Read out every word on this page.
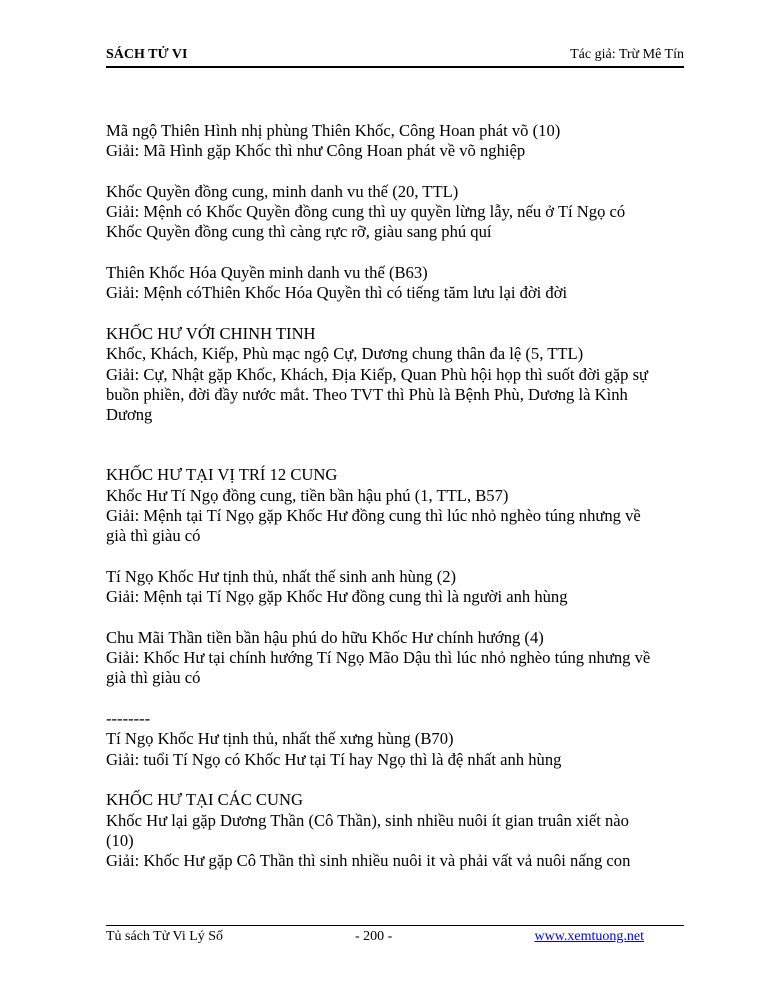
SÁCH TỬ VI	Tác giả: Trừ Mê Tín

Mã ngộ Thiên Hình nhị phùng Thiên Khốc, Công Hoan phát võ (10)

Giải: Mã Hình gặp Khốc thì như Công Hoan phát về võ nghiệp

Khốc Quyền đồng cung, minh danh vu thế (20, TTL)

Giải: Mệnh có Khốc Quyền đồng cung thì uy quyền lừng lẫy, nếu ở Tí Ngọ có

Khốc Quyền đồng cung thì càng rực rỡ, giàu sang phú quí

Thiên Khốc Hóa Quyền minh danh vu thế (B63)

Giải: Mệnh cóThiên Khốc Hóa Quyền thì có tiếng tăm lưu lại đời đời

KHỐC HƯ VỚI CHINH TINH

Khốc, Khách, Kiếp, Phù mạc ngộ Cự, Dương chung thân đa lệ (5, TTL)

Giải: Cự, Nhật gặp Khốc, Khách, Địa Kiếp, Quan Phù hội họp thì suốt đời gặp sự

buồn phiền, đời đầy nước mắt. Theo TVT thì Phù là Bệnh Phù, Dương là Kình

Dương

KHỐC HƯ TẠI VỊ TRÍ 12 CUNG

Khốc Hư Tí Ngọ đồng cung, tiền bần hậu phú (1, TTL, B57)

Giải: Mệnh tại Tí Ngọ gặp Khốc Hư đồng cung thì lúc nhỏ nghèo túng nhưng về

già thì giàu có

Tí Ngọ Khốc Hư tịnh thủ, nhất thế sinh anh hùng (2)

Giải: Mệnh tại Tí Ngọ gặp Khốc Hư đồng cung thì là người anh hùng

Chu Mãi Thần tiền bần hậu phú do hữu Khốc Hư chính hướng (4)

Giải: Khốc Hư tại chính hướng Tí Ngọ Mão Dậu thì lúc nhỏ nghèo túng nhưng về

già thì giàu có

--------

Tí Ngọ Khốc Hư tịnh thủ, nhất thế xưng hùng (B70)

Giải: tuổi Tí Ngọ có Khốc Hư tại Tí hay Ngọ thì là đệ nhất anh hùng

KHỐC HƯ TẠI CÁC CUNG

Khốc Hư lại gặp Dương Thần (Cô Thần), sinh nhiều nuôi ít gian truân xiết nào

(10)

Giải: Khốc Hư gặp Cô Thần thì sinh nhiều nuôi it và phải vất vả nuôi nấng con

Tủ sách Tử Vi Lý Số	- 200 -	www.xemtuong.net
